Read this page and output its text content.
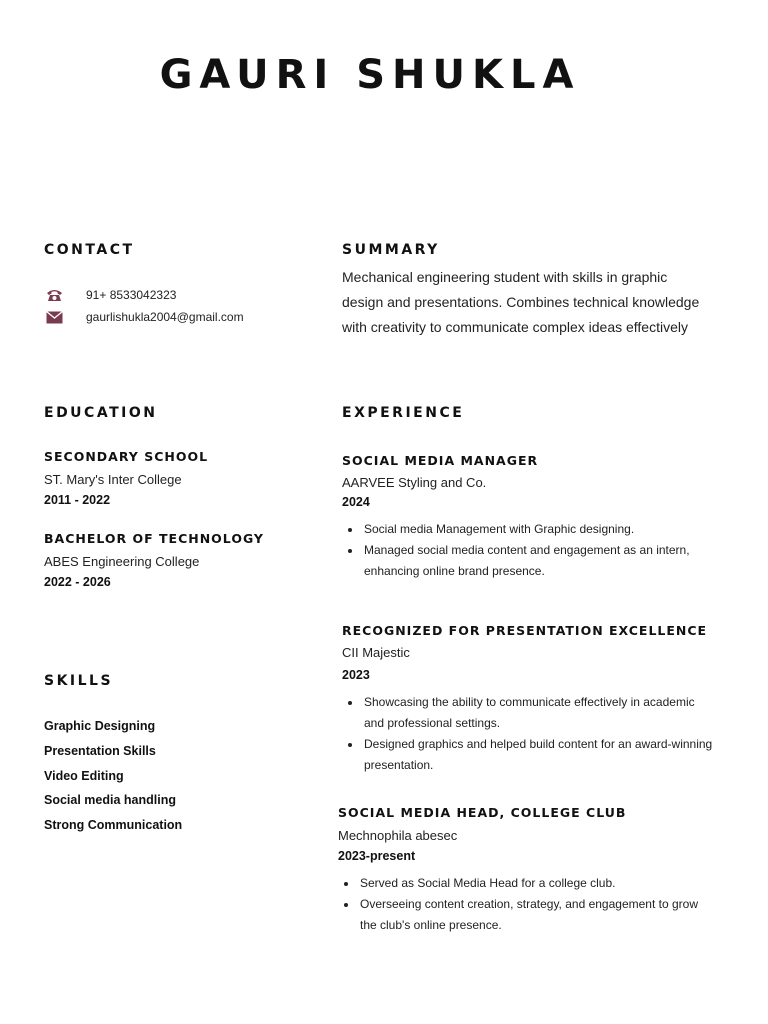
GAURI SHUKLA
CONTACT
91+ 8533042323
gaurlishukla2004@gmail.com
SUMMARY
Mechanical engineering student with skills in graphic
design and presentations. Combines technical knowledge
with creativity to communicate complex ideas effectively
EDUCATION
SECONDARY SCHOOL
ST. Mary's Inter College
2011 - 2022
BACHELOR OF TECHNOLOGY
ABES Engineering College
2022 - 2026
SKILLS
Graphic Designing
Presentation Skills
Video Editing
Social media handling
Strong Communication
EXPERIENCE
SOCIAL MEDIA MANAGER
AARVEE Styling and Co.
2024
• Social media Management with Graphic designing.
• Managed social media content and engagement as an intern,
enhancing online brand presence.
RECOGNIZED FOR PRESENTATION EXCELLENCE
CII Majestic
2023
• Showcasing the ability to communicate effectively in academic
and professional settings.
• Designed graphics and helped build content for an award-winning
presentation.
SOCIAL MEDIA HEAD, COLLEGE CLUB
Mechnophila abesec
2023-present
• Served as Social Media Head for a college club.
• Overseeing content creation, strategy, and engagement to grow
the club's online presence.
